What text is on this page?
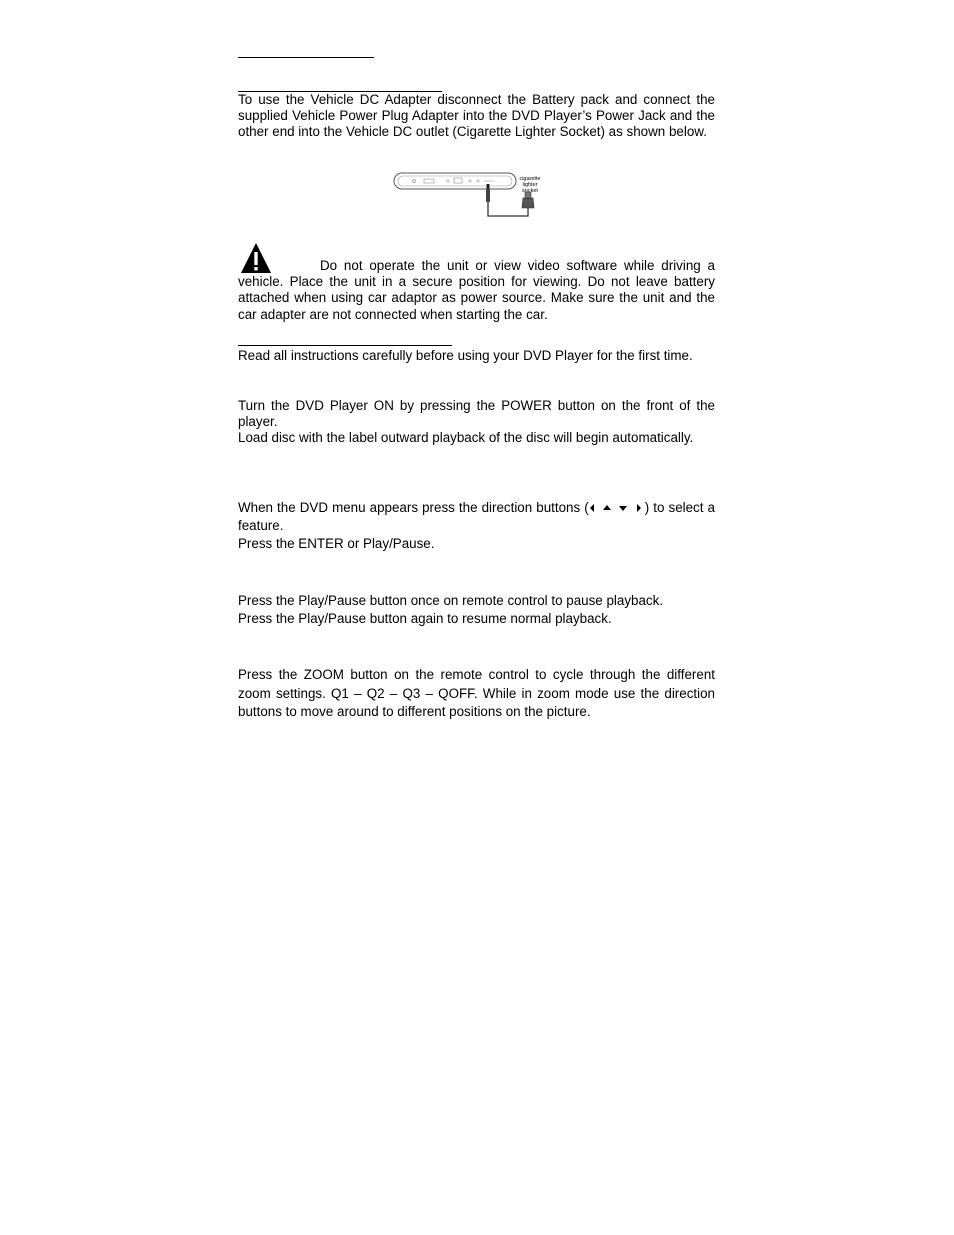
To use the Vehicle DC Adapter disconnect the Battery pack and connect the supplied Vehicle Power Plug Adapter into the DVD Player’s Power Jack and the other end into the Vehicle DC outlet (Cigarette Lighter Socket) as shown below.

cigarette
lighter
socket

Do not operate the unit or view video software while driving a vehicle. Place the unit in a secure position for viewing. Do not leave battery attached when using car adaptor as power source. Make sure the unit and the car adapter are not connected when starting the car.

Read all instructions carefully before using your DVD Player for the first time.

Turn the DVD Player ON by pressing the POWER button on the front of the player.
Load disc with the label outward playback of the disc will begin automatically.

When the DVD menu appears press the direction buttons (	) to select a feature.

Press the ENTER or Play/Pause.

Press the Play/Pause button once on remote control to pause playback.
Press the Play/Pause button again to resume normal playback.

Press the ZOOM button on the remote control to cycle through the different zoom settings. Q1 – Q2 – Q3 – QOFF. While in zoom mode use the direction buttons to move around to different positions on the picture.
